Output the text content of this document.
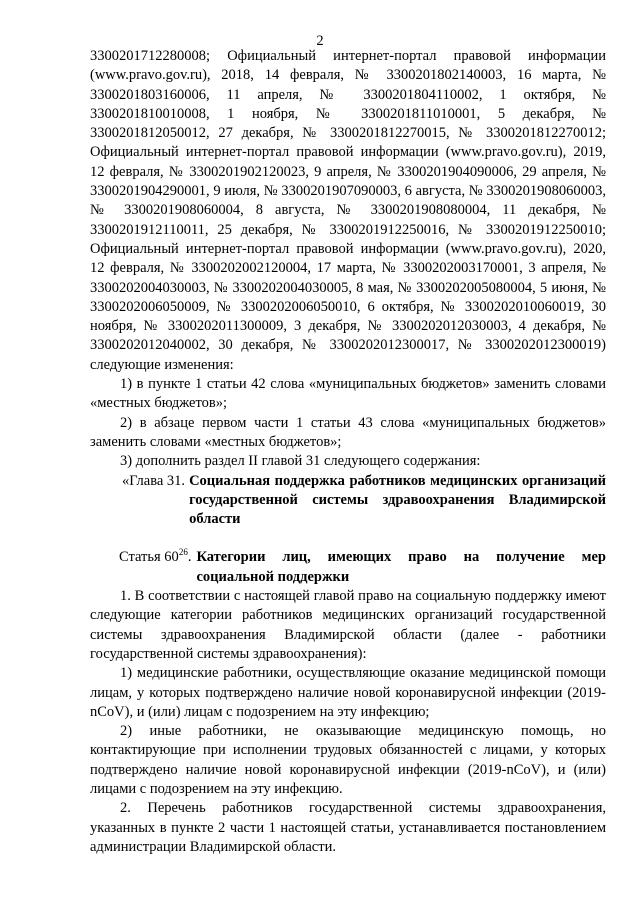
2

3300201712280008; Официальный интернет-портал правовой информации (www.pravo.gov.ru), 2018, 14 февраля, № 3300201802140003, 16 марта, № 3300201803160006, 11 апреля, № 3300201804110002, 1 октября, № 3300201810010008, 1 ноября, № 3300201811010001, 5 декабря, № 3300201812050012, 27 декабря, № 3300201812270015, № 3300201812270012; Официальный интернет-портал правовой информации (www.pravo.gov.ru), 2019, 12 февраля, № 3300201902120023, 9 апреля, № 3300201904090006, 29 апреля, № 3300201904290001, 9 июля, № 3300201907090003, 6 августа, № 3300201908060003, № 3300201908060004, 8 августа, № 3300201908080004, 11 декабря, № 3300201912110011, 25 декабря, № 3300201912250016, № 3300201912250010; Официальный интернет-портал правовой информации (www.pravo.gov.ru), 2020, 12 февраля, № 3300202002120004, 17 марта, № 3300202003170001, 3 апреля, № 3300202004030003, № 3300202004030005, 8 мая, № 3300202005080004, 5 июня, № 3300202006050009, № 3300202006050010, 6 октября, № 3300202010060019, 30 ноября, № 3300202011300009, 3 декабря, № 3300202012030003, 4 декабря, № 3300202012040002, 30 декабря, № 3300202012300017, № 3300202012300019) следующие изменения:

1) в пункте 1 статьи 42 слова «муниципальных бюджетов» заменить словами «местных бюджетов»;

2) в абзаце первом части 1 статьи 43 слова «муниципальных бюджетов» заменить словами «местных бюджетов»;

3) дополнить раздел II главой 31 следующего содержания:

«Глава 31. Социальная поддержка работников медицинских организаций государственной системы здравоохранения Владимирской области
Статья $60^{26}$. Категории лиц, имеющих право на получение мер социальной поддержки

1. В соответствии с настоящей главой право на социальную поддержку имеют следующие категории работников медицинских организаций государственной системы здравоохранения Владимирской области (далее - работники государственной системы здравоохранения):

1) медицинские работники, осуществляющие оказание медицинской помощи лицам, у которых подтверждено наличие новой коронавирусной инфекции (2019-nCoV), и (или) лицам с подозрением на эту инфекцию;

2) иные работники, не оказывающие медицинскую помощь, но контактирующие при исполнении трудовых обязанностей с лицами, у которых подтверждено наличие новой коронавирусной инфекции (2019-nCoV), и (или) лицами с подозрением на эту инфекцию.

2. Перечень работников государственной системы здравоохранения, указанных в пункте 2 части 1 настоящей статьи, устанавливается постановлением администрации Владимирской области.
